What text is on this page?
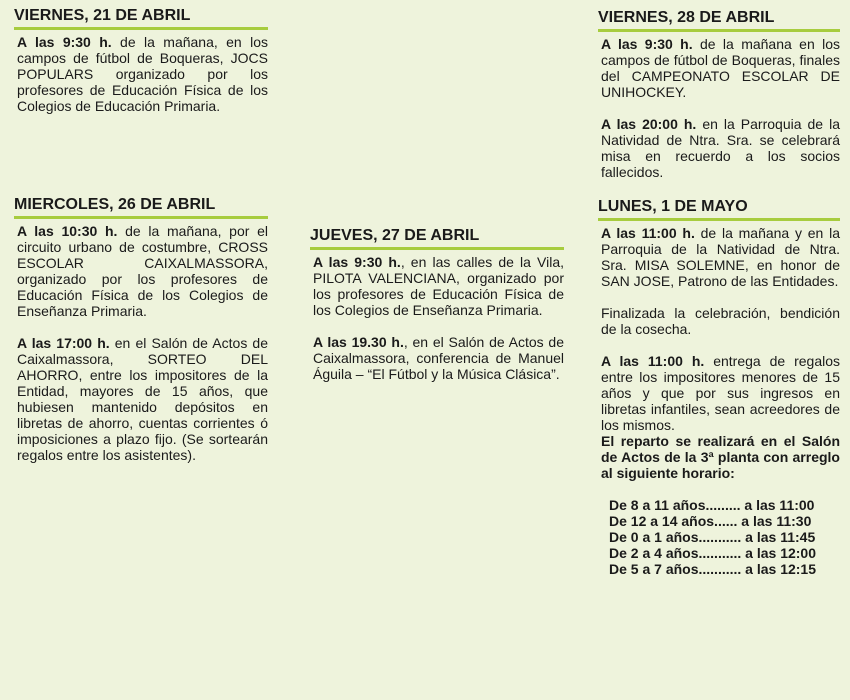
VIERNES, 21 DE ABRIL

A las 9:30 h. de la mañana, en los campos de fútbol de Boqueras, JOCS POPULARS organizado por los profesores de Educación Física de los Colegios de Educación Primaria.

MIERCOLES, 26 DE ABRIL

A las 10:30 h. de la mañana, por el circuito urbano de costumbre, CROSS ESCOLAR CAIXALMASSORA, organizado por los profesores de Educación Física de los Colegios de Enseñanza Primaria.

A las 17:00 h. en el Salón de Actos de Caixalmassora, SORTEO DEL AHORRO, entre los impositores de la Entidad, mayores de 15 años, que hubiesen mantenido depósitos en libretas de ahorro, cuentas corrientes ó imposiciones a plazo fijo. (Se sortearán regalos entre los asistentes).

JUEVES, 27 DE ABRIL

A las 9:30 h., en las calles de la Vila, PILOTA VALENCIANA, organizado por los profesores de Educación Física de los Colegios de Enseñanza Primaria.

A las 19.30 h., en el Salón de Actos de Caixalmassora, conferencia de Manuel Águila – “El Fútbol y la Música Clásica”.

VIERNES, 28 DE ABRIL

A las 9:30 h. de la mañana en los campos de fútbol de Boqueras, finales del CAMPEONATO ESCOLAR DE UNIHOCKEY.

A las 20:00 h. en la Parroquia de la Natividad de Ntra. Sra. se celebrará misa en recuerdo a los socios fallecidos.

LUNES, 1 DE MAYO

A las 11:00 h. de la mañana y en la Parroquia de la Natividad de Ntra. Sra. MISA SOLEMNE, en honor de SAN JOSE, Patrono de las Entidades.

Finalizada la celebración, bendición de la cosecha.

A las 11:00 h. entrega de regalos entre los impositores menores de 15 años y que por sus ingresos en libretas infantiles, sean acreedores de los mismos.

El reparto se realizará en el Salón de Actos de la 3ª planta con arreglo al siguiente horario:

De 8 a 11 años......... a las 11:00
De 12 a 14 años...... a las 11:30
De 0 a 1 años........... a las 11:45
De 2 a 4 años........... a las 12:00
De 5 a 7 años........... a las 12:15
